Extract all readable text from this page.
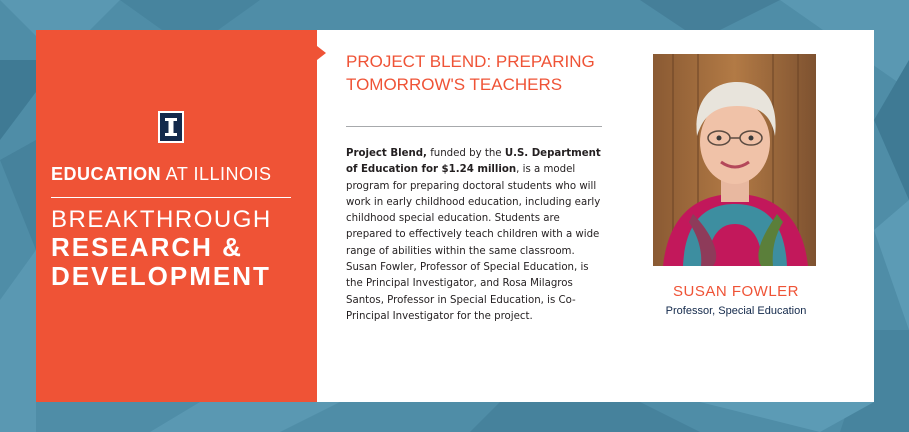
EDUCATION AT ILLINOIS
BREAKTHROUGH
RESEARCH &
DEVELOPMENT
PROJECT BLEND: PREPARING TOMORROW'S TEACHERS
Project Blend, funded by the U.S. Department of Education for $1.24 million, is a model program for preparing doctoral students who will work in early childhood education, including early childhood special education. Students are prepared to effectively teach children with a wide range of abilities within the same classroom. Susan Fowler, Professor of Special Education, is the Principal Investigator, and Rosa Milagros Santos, Professor in Special Education, is Co-Principal Investigator for the project.
SUSAN FOWLER
Professor, Special Education
